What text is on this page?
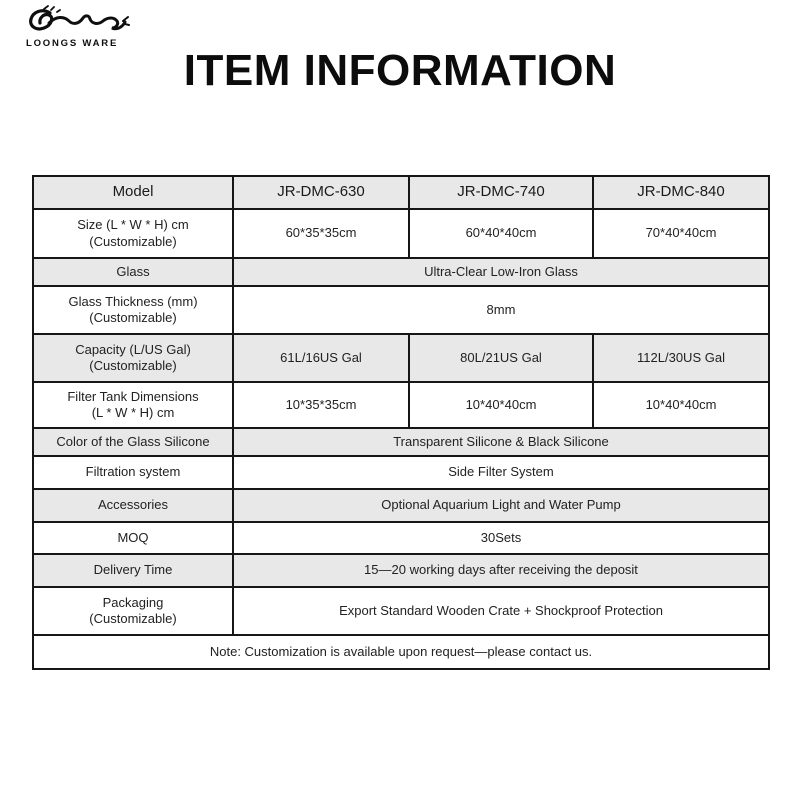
LOONGS WARE
ITEM INFORMATION
Model	JR-DMC-630	JR-DMC-740	JR-DMC-840

Size (L * W * H) cm
(Customizable)	60*35*35cm	60*40*40cm	70*40*40cm
Glass	Ultra-Clear Low-Iron Glass		

Glass Thickness (mm)
(Customizable)	8mm		

Capacity (L/US Gal)
(Customizable)	61L/16US Gal	80L/21US Gal	112L/30US Gal

Filter Tank Dimensions
(L * W * H) cm	10*35*35cm	10*40*40cm	10*40*40cm
Color of the Glass Silicone	Transparent Silicone & Black Silicone		
Filtration system	Side Filter System		
Accessories	Optional Aquarium Light and Water Pump		
MOQ	30Sets		
Delivery Time	15—20 working days after receiving the deposit		

Packaging
(Customizable)	Export Standard Wooden Crate + Shockproof Protection		
Note: Customization is available upon request—please contact us.			
